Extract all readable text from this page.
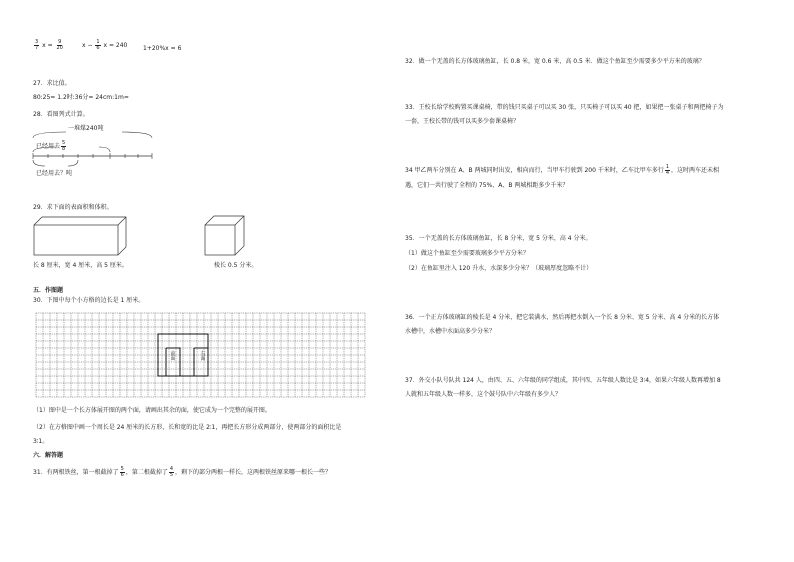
$\frac{3}{7}$ $x = \frac{9}{20}$	$x - \frac{1}{6}$ x = 240	1+20%x = 6
27．求比值。
80:25= 1.2时:36分= 24cm:1m=
28．看图列式计算。
一堆煤240吨
已经用去 $\frac{5}{8}$
已经用去？吨
29．求下面的表面积和体积。
长 8 厘米，宽 4 厘米，高 5 厘米。	棱长 0.5 分米。
五．作图题
30．下图中每个小方格的边长是 1 厘米。
前面
右面
（1）图中是一个长方体展开图的两个面，请画出其余的面，使它成为一个完整的展开图。
（2）在方格图中画一个周长是 24 厘米的长方形，长和宽的比是 2∶1，再把长方形分成两部分，使两部分的面积比是 3∶1。
六．解答题
31．有两根铁丝，第一根截掉了 $\frac{5}{6}$ ，第二根截掉了 $\frac{4}{5}$ ，剩下的部分两根一样长，这两根铁丝原来哪一根长一些？
32．做一个无盖的长方体玻璃鱼缸，长 0.8 米，宽 0.6 米，高 0.5 米．做这个鱼缸至少需要多少平方米的玻璃？
33．王校长给学校购置买课桌椅，带的钱只买桌子可以买 30 张，只买椅子可以买 40 把，如果把一张桌子和两把椅子为一套，王校长带的钱可以买多少套课桌椅？
34 甲乙两车分别在 A、B 两城同时出发，相向而行，当甲车行驶到 200 千米时，乙车比甲车多行 $\frac{1}{4}$ ，这时两车还未相遇，它们一共行驶了全程的 75%，A、B 两城相距多少千米？
35．一个无盖的长方体玻璃鱼缸，长 8 分米，宽 5 分米，高 4 分米。
（1）做这个鱼缸至少需要玻璃多少平方分米？
（2）在鱼缸里注入 120 升水，水深多少分米？（玻璃厚度忽略不计）
36．一个正方体玻璃缸的棱长是 4 分米，把它装满水，然后再把水倒入一个长 8 分米、宽 5 分米、高 4 分米的长方体水槽中，水槽中水面高多少分米？
37．外交小队号队共 124 人，由四、五、六年级的同学组成，其中四、五年级人数比是 3∶4，如果六年级人数再增加 8 人就和五年级人数一样多，这个鼓号队中六年级有多少人？
